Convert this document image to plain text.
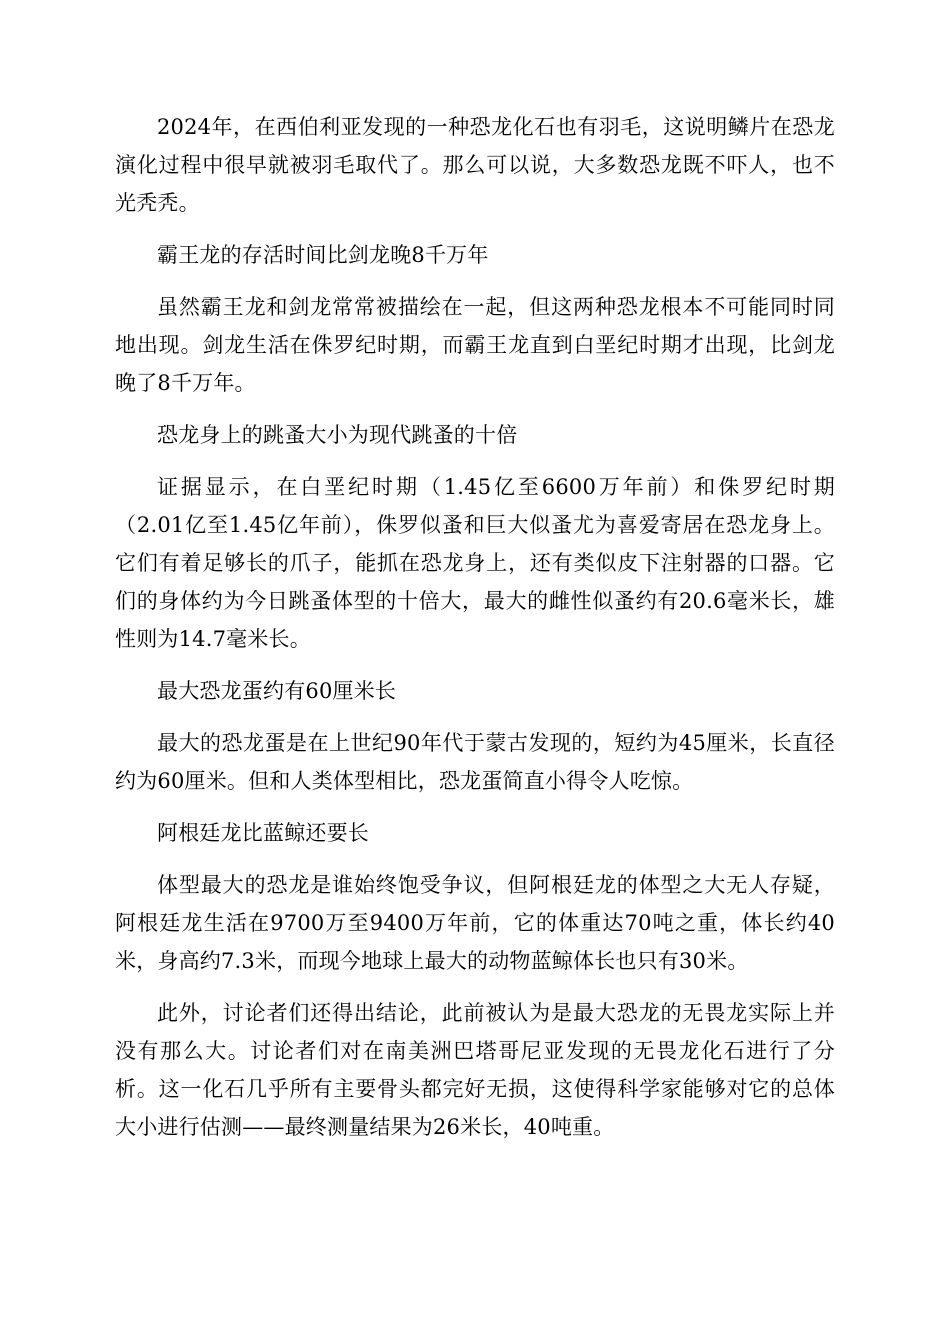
2024年，在西伯利亚发现的一种恐龙化石也有羽毛，这说明鳞片在恐龙演化过程中很早就被羽毛取代了。那么可以说，大多数恐龙既不吓人，也不光秃秃。

霸王龙的存活时间比剑龙晚8千万年

虽然霸王龙和剑龙常常被描绘在一起，但这两种恐龙根本不可能同时同地出现。剑龙生活在侏罗纪时期，而霸王龙直到白垩纪时期才出现，比剑龙晚了8千万年。

恐龙身上的跳蚤大小为现代跳蚤的十倍

证据显示，在白垩纪时期（1.45亿至6600万年前）和侏罗纪时期（2.01亿至1.45亿年前），侏罗似蚤和巨大似蚤尤为喜爱寄居在恐龙身上。它们有着足够长的爪子，能抓在恐龙身上，还有类似皮下注射器的口器。它们的身体约为今日跳蚤体型的十倍大，最大的雌性似蚤约有20.6毫米长，雄性则为14.7毫米长。

最大恐龙蛋约有60厘米长

最大的恐龙蛋是在上世纪90年代于蒙古发现的，短约为45厘米，长直径约为60厘米。但和人类体型相比，恐龙蛋简直小得令人吃惊。

阿根廷龙比蓝鲸还要长

体型最大的恐龙是谁始终饱受争议，但阿根廷龙的体型之大无人存疑，阿根廷龙生活在9700万至9400万年前，它的体重达70吨之重，体长约40米，身高约7.3米，而现今地球上最大的动物蓝鲸体长也只有30米。

此外，讨论者们还得出结论，此前被认为是最大恐龙的无畏龙实际上并没有那么大。讨论者们对在南美洲巴塔哥尼亚发现的无畏龙化石进行了分析。这一化石几乎所有主要骨头都完好无损，这使得科学家能够对它的总体大小进行估测——最终测量结果为26米长，40吨重。
